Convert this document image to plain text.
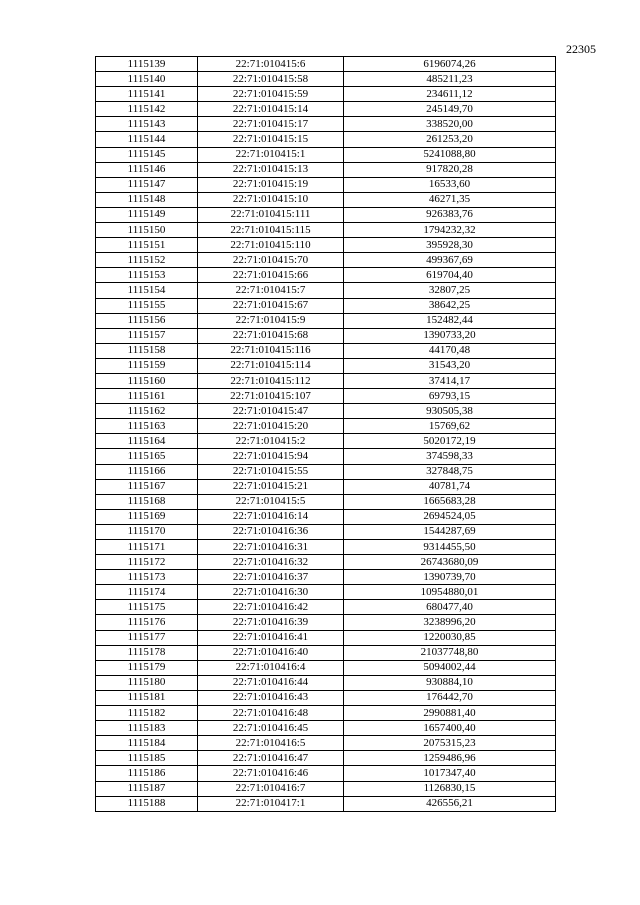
22305
1115139	22:71:010415:6	6196074,26
1115140	22:71:010415:58	485211,23
1115141	22:71:010415:59	234611,12
1115142	22:71:010415:14	245149,70
1115143	22:71:010415:17	338520,00
1115144	22:71:010415:15	261253,20
1115145	22:71:010415:1	5241088,80
1115146	22:71:010415:13	917820,28
1115147	22:71:010415:19	16533,60
1115148	22:71:010415:10	46271,35
1115149	22:71:010415:111	926383,76
1115150	22:71:010415:115	1794232,32
1115151	22:71:010415:110	395928,30
1115152	22:71:010415:70	499367,69
1115153	22:71:010415:66	619704,40
1115154	22:71:010415:7	32807,25
1115155	22:71:010415:67	38642,25
1115156	22:71:010415:9	152482,44
1115157	22:71:010415:68	1390733,20
1115158	22:71:010415:116	44170,48
1115159	22:71:010415:114	31543,20
1115160	22:71:010415:112	37414,17
1115161	22:71:010415:107	69793,15
1115162	22:71:010415:47	930505,38
1115163	22:71:010415:20	15769,62
1115164	22:71:010415:2	5020172,19
1115165	22:71:010415:94	374598,33
1115166	22:71:010415:55	327848,75
1115167	22:71:010415:21	40781,74
1115168	22:71:010415:5	1665683,28
1115169	22:71:010416:14	2694524,05
1115170	22:71:010416:36	1544287,69
1115171	22:71:010416:31	9314455,50
1115172	22:71:010416:32	26743680,09
1115173	22:71:010416:37	1390739,70
1115174	22:71:010416:30	10954880,01
1115175	22:71:010416:42	680477,40
1115176	22:71:010416:39	3238996,20
1115177	22:71:010416:41	1220030,85
1115178	22:71:010416:40	21037748,80
1115179	22:71:010416:4	5094002,44
1115180	22:71:010416:44	930884,10
1115181	22:71:010416:43	176442,70
1115182	22:71:010416:48	2990881,40
1115183	22:71:010416:45	1657400,40
1115184	22:71:010416:5	2075315,23
1115185	22:71:010416:47	1259486,96
1115186	22:71:010416:46	1017347,40
1115187	22:71:010416:7	1126830,15
1115188	22:71:010417:1	426556,21
